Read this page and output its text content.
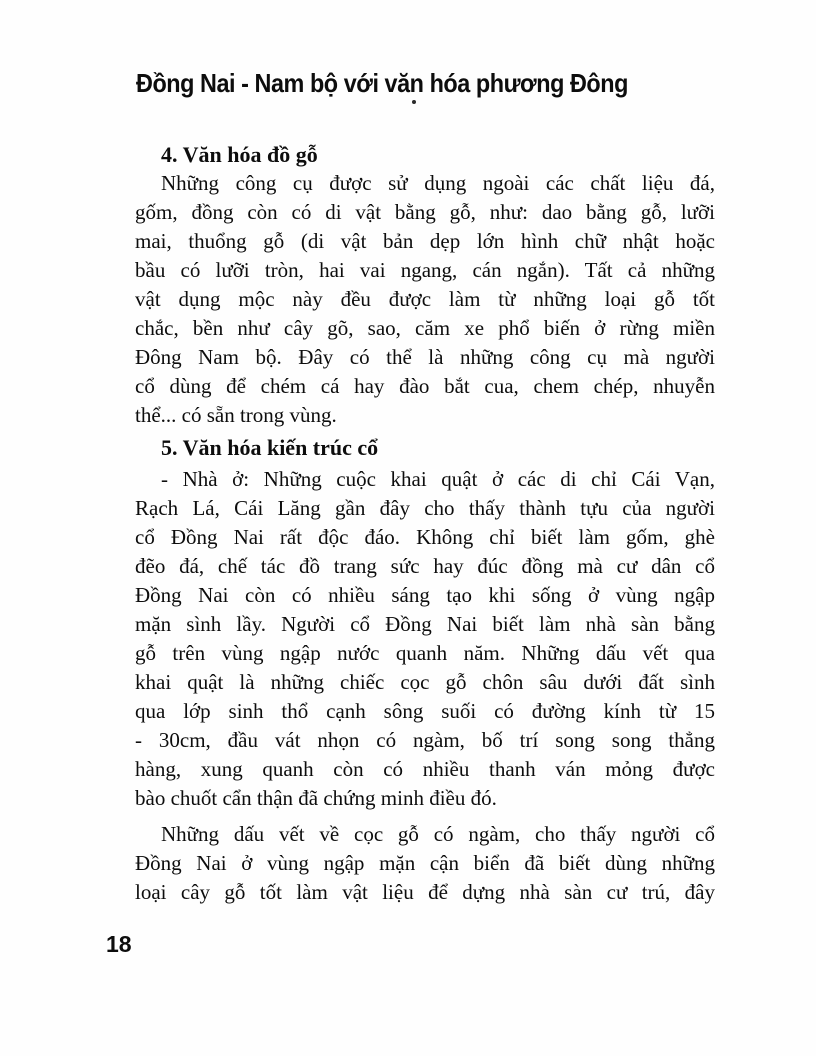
Đồng Nai - Nam bộ với văn hóa phương Đông
4. Văn hóa đồ gỗ
Những công cụ được sử dụng ngoài các chất liệu đá,
gốm, đồng còn có di vật bằng gỗ, như: dao bằng gỗ, lưỡi
mai, thuổng gỗ (di vật bản dẹp lớn hình chữ nhật hoặc
bầu có lưỡi tròn, hai vai ngang, cán ngắn). Tất cả những
vật dụng mộc này đều được làm từ những loại gỗ tốt
chắc, bền như cây gõ, sao, căm xe phổ biến ở rừng miền
Đông Nam bộ. Đây có thể là những công cụ mà người
cổ dùng để chém cá hay đào bắt cua, chem chép, nhuyễn
thể... có sẵn trong vùng.
5. Văn hóa kiến trúc cổ
- Nhà ở: Những cuộc khai quật ở các di chỉ Cái Vạn,
Rạch Lá, Cái Lăng gần đây cho thấy thành tựu của người
cổ Đồng Nai rất độc đáo. Không chỉ biết làm gốm, ghè
đẽo đá, chế tác đồ trang sức hay đúc đồng mà cư dân cổ
Đồng Nai còn có nhiều sáng tạo khi sống ở vùng ngập
mặn sình lầy. Người cổ Đồng Nai biết làm nhà sàn bằng
gỗ trên vùng ngập nước quanh năm. Những dấu vết qua
khai quật là những chiếc cọc gỗ chôn sâu dưới đất sình
qua lớp sinh thổ cạnh sông suối có đường kính từ 15
- 30cm, đầu vát nhọn có ngàm, bố trí song song thẳng
hàng, xung quanh còn có nhiều thanh ván mỏng được
bào chuốt cẩn thận đã chứng minh điều đó.
Những dấu vết về cọc gỗ có ngàm, cho thấy người cổ
Đồng Nai ở vùng ngập mặn cận biển đã biết dùng những
loại cây gỗ tốt làm vật liệu để dựng nhà sàn cư trú, đây
18
